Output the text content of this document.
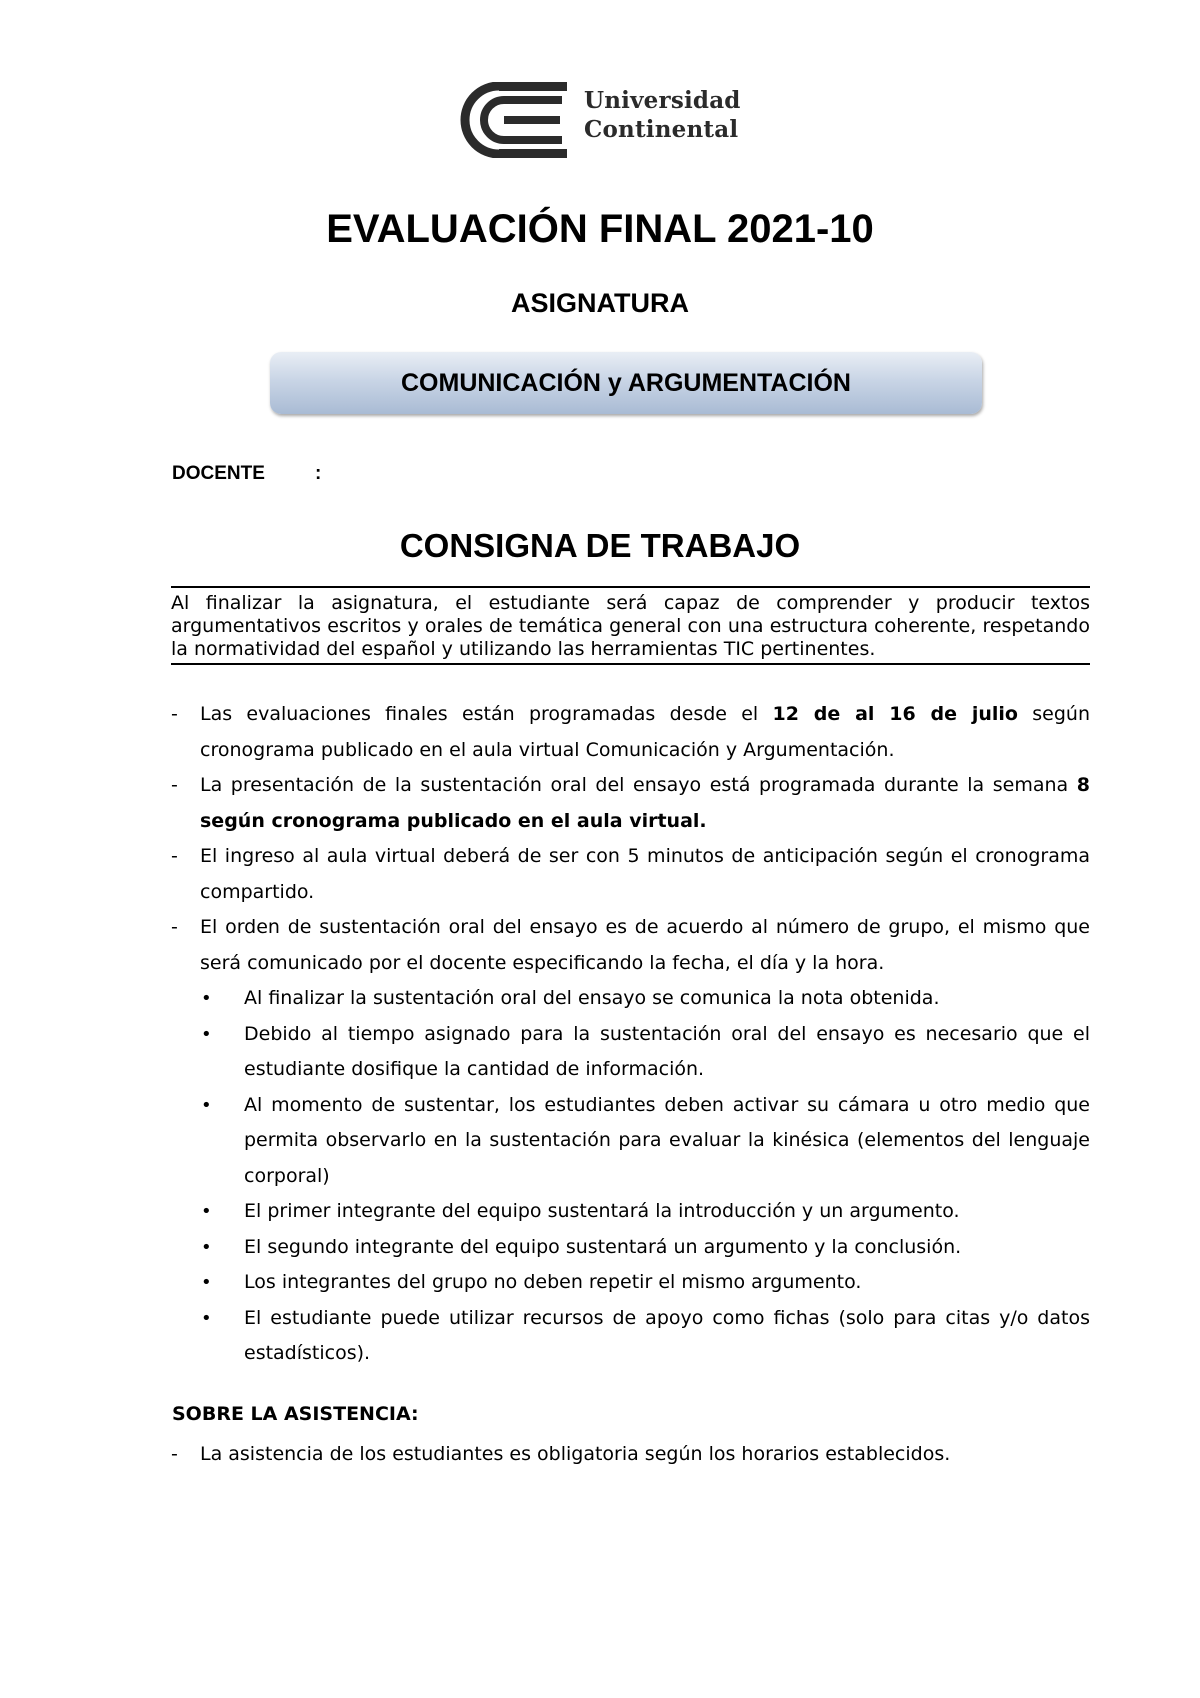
Universidad
Continental
EVALUACIÓN FINAL 2021-10
ASIGNATURA
COMUNICACIÓN y ARGUMENTACIÓN
DOCENTE	:
CONSIGNA DE TRABAJO

Al finalizar la asignatura, el estudiante será capaz de comprender y producir textos argumentativos escritos y orales de temática general con una estructura coherente, respetando la normatividad del español y utilizando las herramientas TIC pertinentes.

- Las evaluaciones finales están programadas desde el 12 de al 16 de julio según cronograma publicado en el aula virtual Comunicación y Argumentación.
- La presentación de la sustentación oral del ensayo está programada durante la semana 8 según cronograma publicado en el aula virtual.
- El ingreso al aula virtual deberá de ser con 5 minutos de anticipación según el cronograma compartido.
- El orden de sustentación oral del ensayo es de acuerdo al número de grupo, el mismo que será comunicado por el docente especificando la fecha, el día y la hora.
• Al finalizar la sustentación oral del ensayo se comunica la nota obtenida.
• Debido al tiempo asignado para la sustentación oral del ensayo es necesario que el estudiante dosifique la cantidad de información.
• Al momento de sustentar, los estudiantes deben activar su cámara u otro medio que permita observarlo en la sustentación para evaluar la kinésica (elementos del lenguaje corporal)
• El primer integrante del equipo sustentará la introducción y un argumento.
• El segundo integrante del equipo sustentará un argumento y la conclusión.
• Los integrantes del grupo no deben repetir el mismo argumento.
• El estudiante puede utilizar recursos de apoyo como fichas (solo para citas y/o datos estadísticos).
SOBRE LA ASISTENCIA:
- La asistencia de los estudiantes es obligatoria según los horarios establecidos.
